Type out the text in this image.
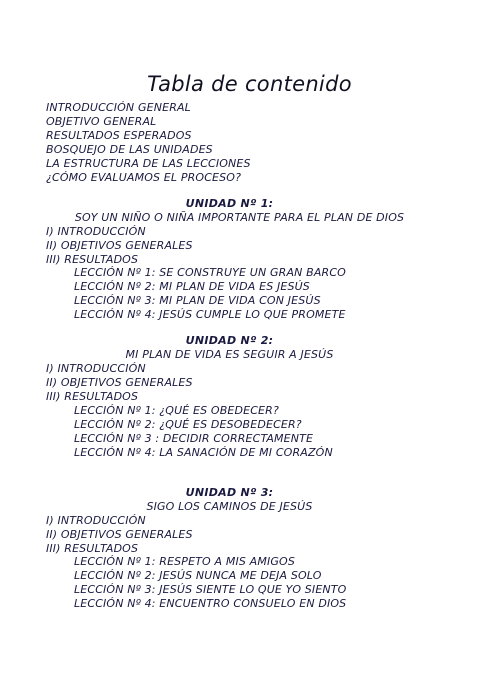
Tabla de contenido
INTRODUCCIÓN GENERAL
OBJETIVO GENERAL
RESULTADOS ESPERADOS
BOSQUEJO DE LAS UNIDADES
LA ESTRUCTURA DE LAS LECCIONES
¿CÓMO EVALUAMOS EL PROCESO?
UNIDAD Nº 1:
SOY UN NIÑO O NIÑA IMPORTANTE PARA EL PLAN DE DIOS
I) INTRODUCCIÓN
II) OBJETIVOS GENERALES
III) RESULTADOS
LECCIÓN Nº 1: SE CONSTRUYE UN GRAN BARCO
LECCIÓN Nº 2: MI PLAN DE VIDA ES JESÚS
LECCIÓN Nº 3: MI PLAN DE VIDA CON JESÚS
LECCIÓN Nº 4: JESÚS CUMPLE LO QUE PROMETE
UNIDAD Nº 2:
MI PLAN DE VIDA ES SEGUIR A JESÚS
I) INTRODUCCIÓN
II) OBJETIVOS GENERALES
III) RESULTADOS
LECCIÓN Nº 1: ¿QUÉ ES OBEDECER?
LECCIÓN Nº 2: ¿QUÉ ES DESOBEDECER?
LECCIÓN Nº 3 : DECIDIR CORRECTAMENTE
LECCIÓN Nº 4: LA SANACIÓN DE MI CORAZÓN
UNIDAD Nº 3:
SIGO LOS CAMINOS DE JESÚS
I) INTRODUCCIÓN
II) OBJETIVOS GENERALES
III) RESULTADOS
LECCIÓN Nº 1: RESPETO A MIS AMIGOS
LECCIÓN Nº 2: JESÚS NUNCA ME DEJA SOLO
LECCIÓN Nº 3: JESÚS SIENTE LO QUE YO SIENTO
LECCIÓN Nº 4: ENCUENTRO CONSUELO EN DIOS
